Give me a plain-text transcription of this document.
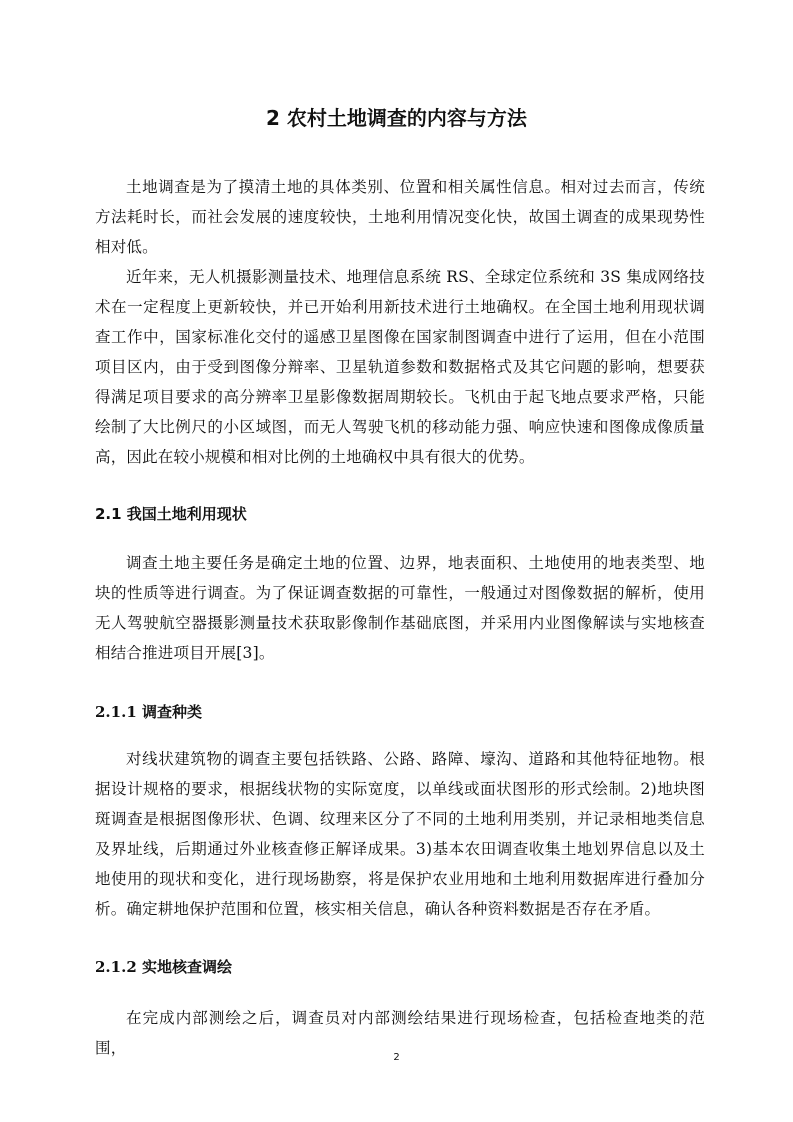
2 农村土地调查的内容与方法

土地调查是为了摸清土地的具体类别、位置和相关属性信息。相对过去而言，传统方法耗时长，而社会发展的速度较快，土地利用情况变化快，故国土调查的成果现势性相对低。

近年来，无人机摄影测量技术、地理信息系统 RS、全球定位系统和 3S 集成网络技术在一定程度上更新较快，并已开始利用新技术进行土地确权。在全国土地利用现状调查工作中，国家标准化交付的遥感卫星图像在国家制图调查中进行了运用，但在小范围项目区内，由于受到图像分辩率、卫星轨道参数和数据格式及其它问题的影响，想要获得满足项目要求的高分辨率卫星影像数据周期较长。飞机由于起飞地点要求严格，只能绘制了大比例尺的小区域图，而无人驾驶飞机的移动能力强、响应快速和图像成像质量高，因此在较小规模和相对比例的土地确权中具有很大的优势。

2.1 我国土地利用现状

调查土地主要任务是确定土地的位置、边界，地表面积、土地使用的地表类型、地块的性质等进行调查。为了保证调查数据的可靠性，一般通过对图像数据的解析，使用无人驾驶航空器摄影测量技术获取影像制作基础底图，并采用内业图像解读与实地核查相结合推进项目开展[3]。

2.1.1 调查种类

对线状建筑物的调查主要包括铁路、公路、路障、壕沟、道路和其他特征地物。根据设计规格的要求，根据线状物的实际宽度，以单线或面状图形的形式绘制。2)地块图斑调查是根据图像形状、色调、纹理来区分了不同的土地利用类别，并记录相地类信息及界址线，后期通过外业核查修正解译成果。3)基本农田调查收集土地划界信息以及土地使用的现状和变化，进行现场勘察，将是保护农业用地和土地利用数据库进行叠加分析。确定耕地保护范围和位置，核实相关信息，确认各种资料数据是否存在矛盾。

2.1.2 实地核查调绘

在完成内部测绘之后，调查员对内部测绘结果进行现场检查，包括检查地类的范围，

2
